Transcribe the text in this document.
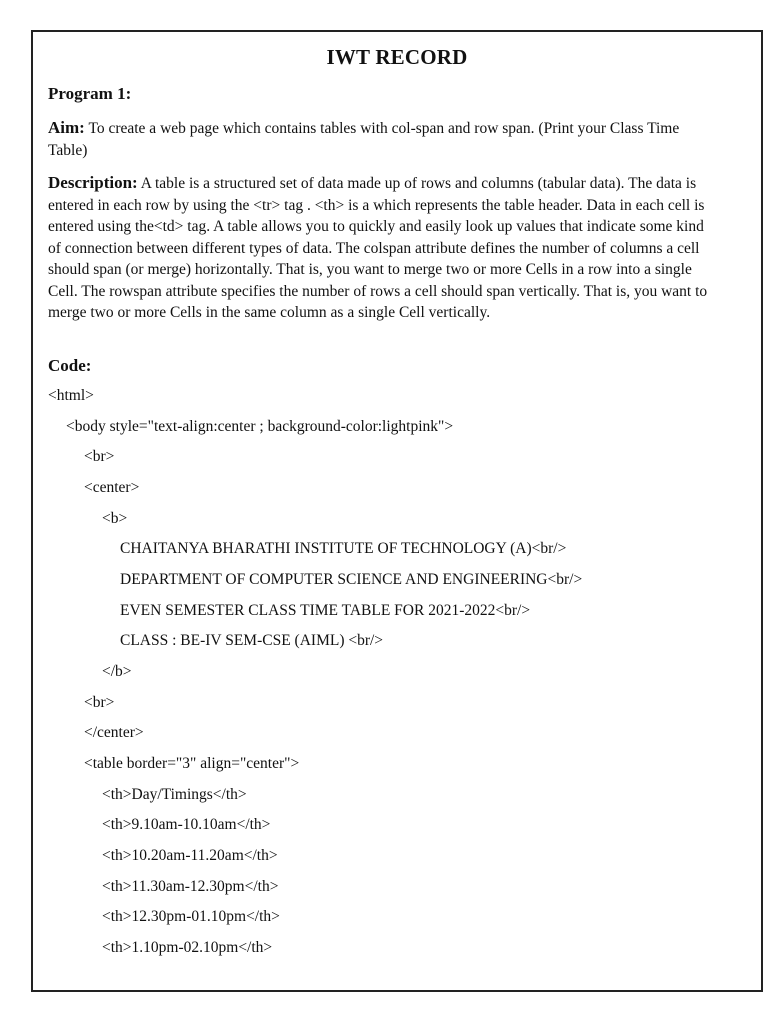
IWT RECORD
Program 1:
Aim: To create a web page which contains tables with col-span and row span. (Print your Class Time Table)
Description: A table is a structured set of data made up of rows and columns (tabular data). The data is entered in each row by using the <tr> tag . <th> is a which represents the table header. Data in each cell is entered using the<td> tag. A table allows you to quickly and easily look up values that indicate some kind of connection between different types of data. The colspan attribute defines the number of columns a cell should span (or merge) horizontally. That is, you want to merge two or more Cells in a row into a single Cell. The rowspan attribute specifies the number of rows a cell should span vertically. That is, you want to merge two or more Cells in the same column as a single Cell vertically.
Code:
<html>
<body style="text-align:center ; background-color:lightpink">
<br>
<center>
<b>
CHAITANYA BHARATHI INSTITUTE OF TECHNOLOGY (A)<br/>
DEPARTMENT OF COMPUTER SCIENCE AND ENGINEERING<br/>
EVEN SEMESTER CLASS TIME TABLE FOR 2021-2022<br/>
CLASS : BE-IV SEM-CSE (AIML) <br/>
</b>
<br>
</center>
<table border="3" align="center">
<th>Day/Timings</th>
<th>9.10am-10.10am</th>
<th>10.20am-11.20am</th>
<th>11.30am-12.30pm</th>
<th>12.30pm-01.10pm</th>
<th>1.10pm-02.10pm</th>
